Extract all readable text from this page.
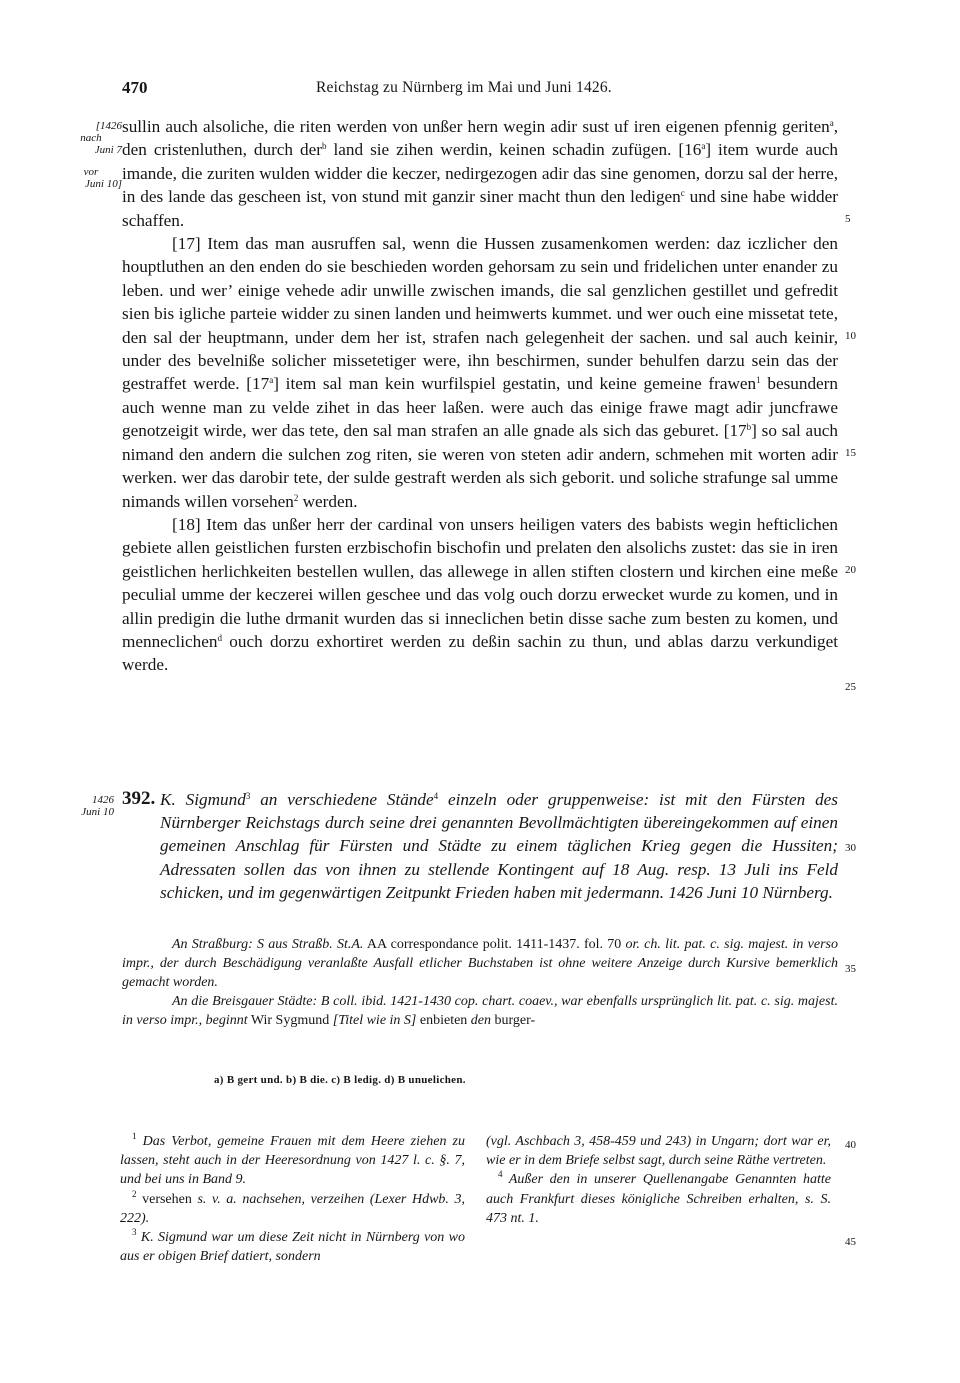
470	Reichstag zu Nürnberg im Mai und Juni 1426.
[1426
nach
Juni 7
vor
Juni 10]
1426
Juni 10
5
10
15
20
25
30
35
40
45

sullin auch alsoliche, die riten werden von unßer hern wegin adir sust uf iren eigenen pfennig geriten$^a$, den cristenluthen, durch der$^b$ land sie zihen werdin, keinen schadin zufügen. [16$^a$] item wurde auch imande, die zuriten wulden widder die keczer, nedirgezogen adir das sine genomen, dorzu sal der herre, in des lande das gescheen ist, von stund mit ganzir siner macht thun den ledigen$^c$ und sine habe widder schaffen.

[17] Item das man ausruffen sal, wenn die Hussen zusamenkomen werden: daz iczlicher den houptluthen an den enden do sie beschieden worden gehorsam zu sein und fridelichen unter enander zu leben. und wer’ einige vehede adir unwille zwischen imands, die sal genzlichen gestillet und gefredit sien bis igliche parteie widder zu sinen landen und heimwerts kummet. und wer ouch eine missetat tete, den sal der heuptmann, under dem her ist, strafen nach gelegenheit der sachen. und sal auch keinir, under des bevelniße solicher missetetiger were, ihn beschirmen, sunder behulfen darzu sein das der gestraffet werde. [17$^a$] item sal man kein wurfilspiel gestatin, und keine gemeine frawen$^1$ besundern auch wenne man zu velde zihet in das heer laßen. were auch das einige frawe magt adir juncfrawe genotzeigit wirde, wer das tete, den sal man strafen an alle gnade als sich das geburet. [17$^b$] so sal auch nimand den andern die sulchen zog riten, sie weren von steten adir andern, schmehen mit worten adir werken. wer das darobir tete, der sulde gestraft werden als sich geborit. und soliche strafunge sal umme nimands willen vorsehen$^2$ werden.

[18] Item das unßer herr der cardinal von unsers heiligen vaters des babists wegin hefticlichen gebiete allen geistlichen fursten erzbischofin bischofin und prelaten den alsolichs zustet: das sie in iren geistlichen herlichkeiten bestellen wullen, das allewege in allen stiften clostern und kirchen eine meße peculial umme der keczerei willen geschee und das volg ouch dorzu erwecket wurde zu komen, und in allin predigin die luthe drmanit wurden das si inneclichen betin disse sache zum besten zu komen, und menneclichen$^d$ ouch dorzu exhortiret werden zu deßin sachin zu thun, und ablas darzu verkundiget werde.

392. K. Sigmund$^3$ an verschiedene Stände$^4$ einzeln oder gruppenweise: ist mit den Fürsten des Nürnberger Reichstags durch seine drei genannten Bevollmächtigten übereingekommen auf einen gemeinen Anschlag für Fürsten und Städte zu einem täglichen Krieg gegen die Hussiten; Adressaten sollen das von ihnen zu stellende Kontingent auf 18 Aug. resp. 13 Juli ins Feld schicken, und im gegenwärtigen Zeitpunkt Frieden haben mit jedermann. 1426 Juni 10 Nürnberg.

An Straßburg: S aus Straßb. St.A. AA correspondance polit. 1411-1437. fol. 70 or. ch. lit. pat. c. sig. majest. in verso impr., der durch Beschädigung veranlaßte Ausfall etlicher Buchstaben ist ohne weitere Anzeige durch Kursive bemerklich gemacht worden.

An die Breisgauer Städte: B coll. ibid. 1421-1430 cop. chart. coaev., war ebenfalls ursprünglich lit. pat. c. sig. majest. in verso impr., beginnt Wir Sygmund [Titel wie in S] enbieten den burger-

a) B gert und. b) B die. c) B ledig. d) B unuelichen.

$^1$ Das Verbot, gemeine Frauen mit dem Heere ziehen zu lassen, steht auch in der Heeresordnung von 1427 l. c. §. 7, und bei uns in Band 9.

$^2$ versehen s. v. a. nachsehen, verzeihen (Lexer Hdwb. 3, 222).

$^3$ K. Sigmund war um diese Zeit nicht in Nürnberg von wo aus er obigen Brief datiert, sondern

(vgl. Aschbach 3, 458-459 und 243) in Ungarn; dort war er, wie er in dem Briefe selbst sagt, durch seine Räthe vertreten.

$^4$ Außer den in unserer Quellenangabe Genannten hatte auch Frankfurt dieses königliche Schreiben erhalten, s. S. 473 nt. 1.
